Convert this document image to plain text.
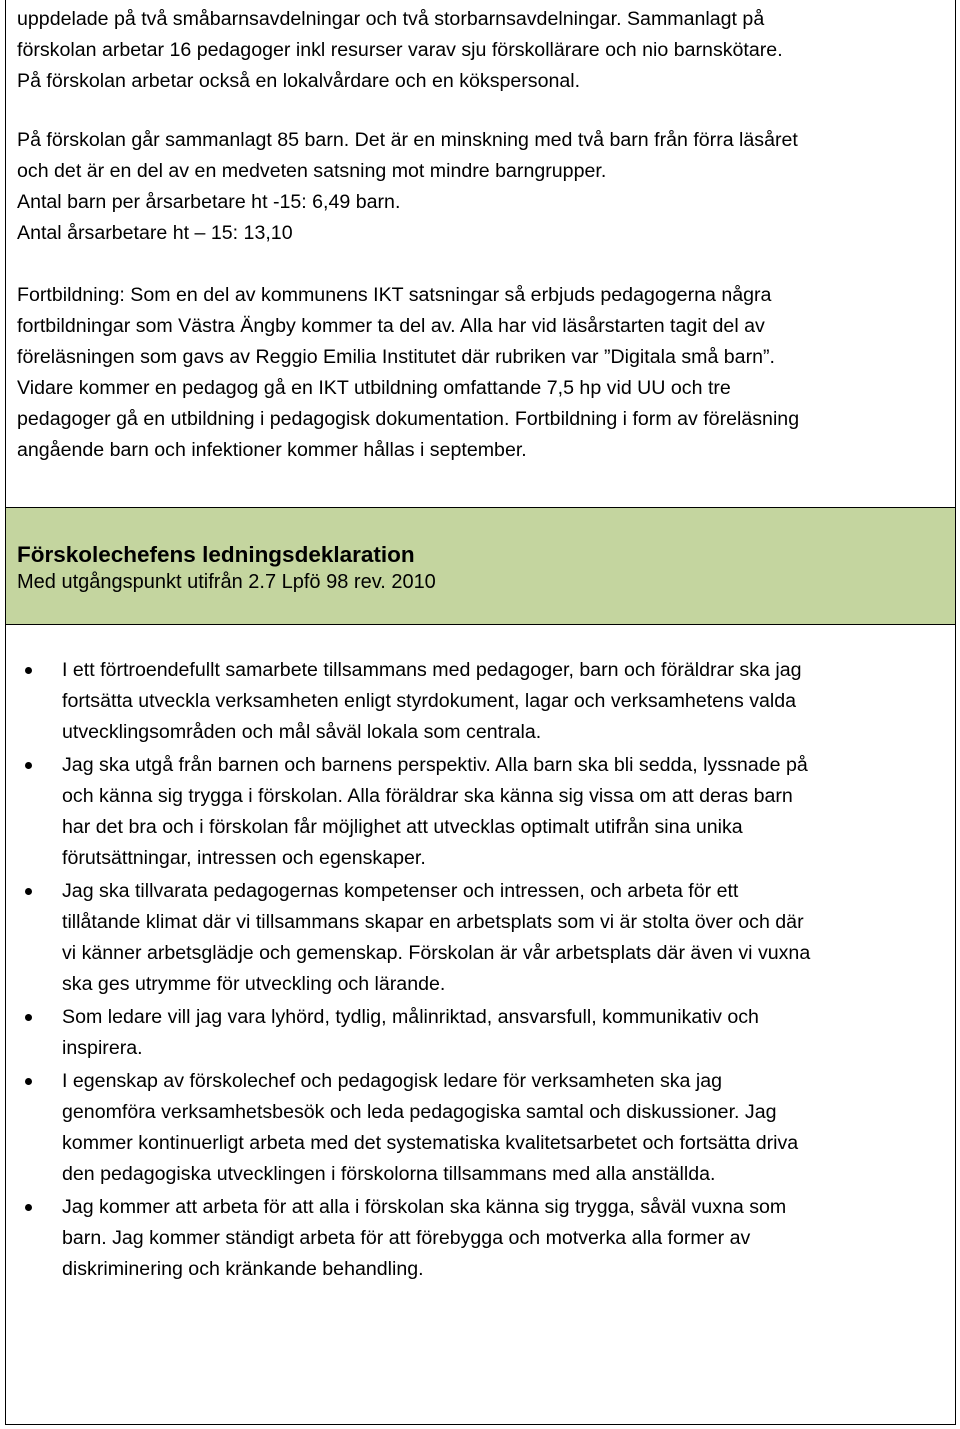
uppdelade på två småbarnsavdelningar och två storbarnsavdelningar. Sammanlagt på
förskolan arbetar 16 pedagoger inkl resurser varav sju förskollärare och nio barnskötare.
På förskolan arbetar också en lokalvårdare och en kökspersonal.
På förskolan går sammanlagt 85 barn. Det är en minskning med två barn från förra läsåret
och det är en del av en medveten satsning mot mindre barngrupper.
Antal barn per årsarbetare ht -15: 6,49 barn.
Antal årsarbetare ht – 15: 13,10
Fortbildning: Som en del av kommunens IKT satsningar så erbjuds pedagogerna några
fortbildningar som Västra Ängby kommer ta del av. Alla har vid läsårstarten tagit del av
föreläsningen som gavs av Reggio Emilia Institutet där rubriken var ”Digitala små barn”.
Vidare kommer en pedagog gå en IKT utbildning omfattande 7,5 hp vid UU och tre
pedagoger gå en utbildning i pedagogisk dokumentation. Fortbildning i form av föreläsning
angående barn och infektioner kommer hållas i september.
Förskolechefens ledningsdeklaration
Med utgångspunkt utifrån 2.7 Lpfö 98 rev. 2010
I ett förtroendefullt samarbete tillsammans med pedagoger, barn och föräldrar ska jag
fortsätta utveckla verksamheten enligt styrdokument, lagar och verksamhetens valda
utvecklingsområden och mål såväl lokala som centrala.
Jag ska utgå från barnen och barnens perspektiv. Alla barn ska bli sedda, lyssnade på
och känna sig trygga i förskolan. Alla föräldrar ska känna sig vissa om att deras barn
har det bra och i förskolan får möjlighet att utvecklas optimalt utifrån sina unika
förutsättningar, intressen och egenskaper.
Jag ska tillvarata pedagogernas kompetenser och intressen, och arbeta för ett
tillåtande klimat där vi tillsammans skapar en arbetsplats som vi är stolta över och där
vi känner arbetsglädje och gemenskap. Förskolan är vår arbetsplats där även vi vuxna
ska ges utrymme för utveckling och lärande.
Som ledare vill jag vara lyhörd, tydlig, målinriktad, ansvarsfull, kommunikativ och
inspirera.
I egenskap av förskolechef och pedagogisk ledare för verksamheten ska jag
genomföra verksamhetsbesök och leda pedagogiska samtal och diskussioner. Jag
kommer kontinuerligt arbeta med det systematiska kvalitetsarbetet och fortsätta driva
den pedagogiska utvecklingen i förskolorna tillsammans med alla anställda.
Jag kommer att arbeta för att alla i förskolan ska känna sig trygga, såväl vuxna som
barn. Jag kommer ständigt arbeta för att förebygga och motverka alla former av
diskriminering och kränkande behandling.
